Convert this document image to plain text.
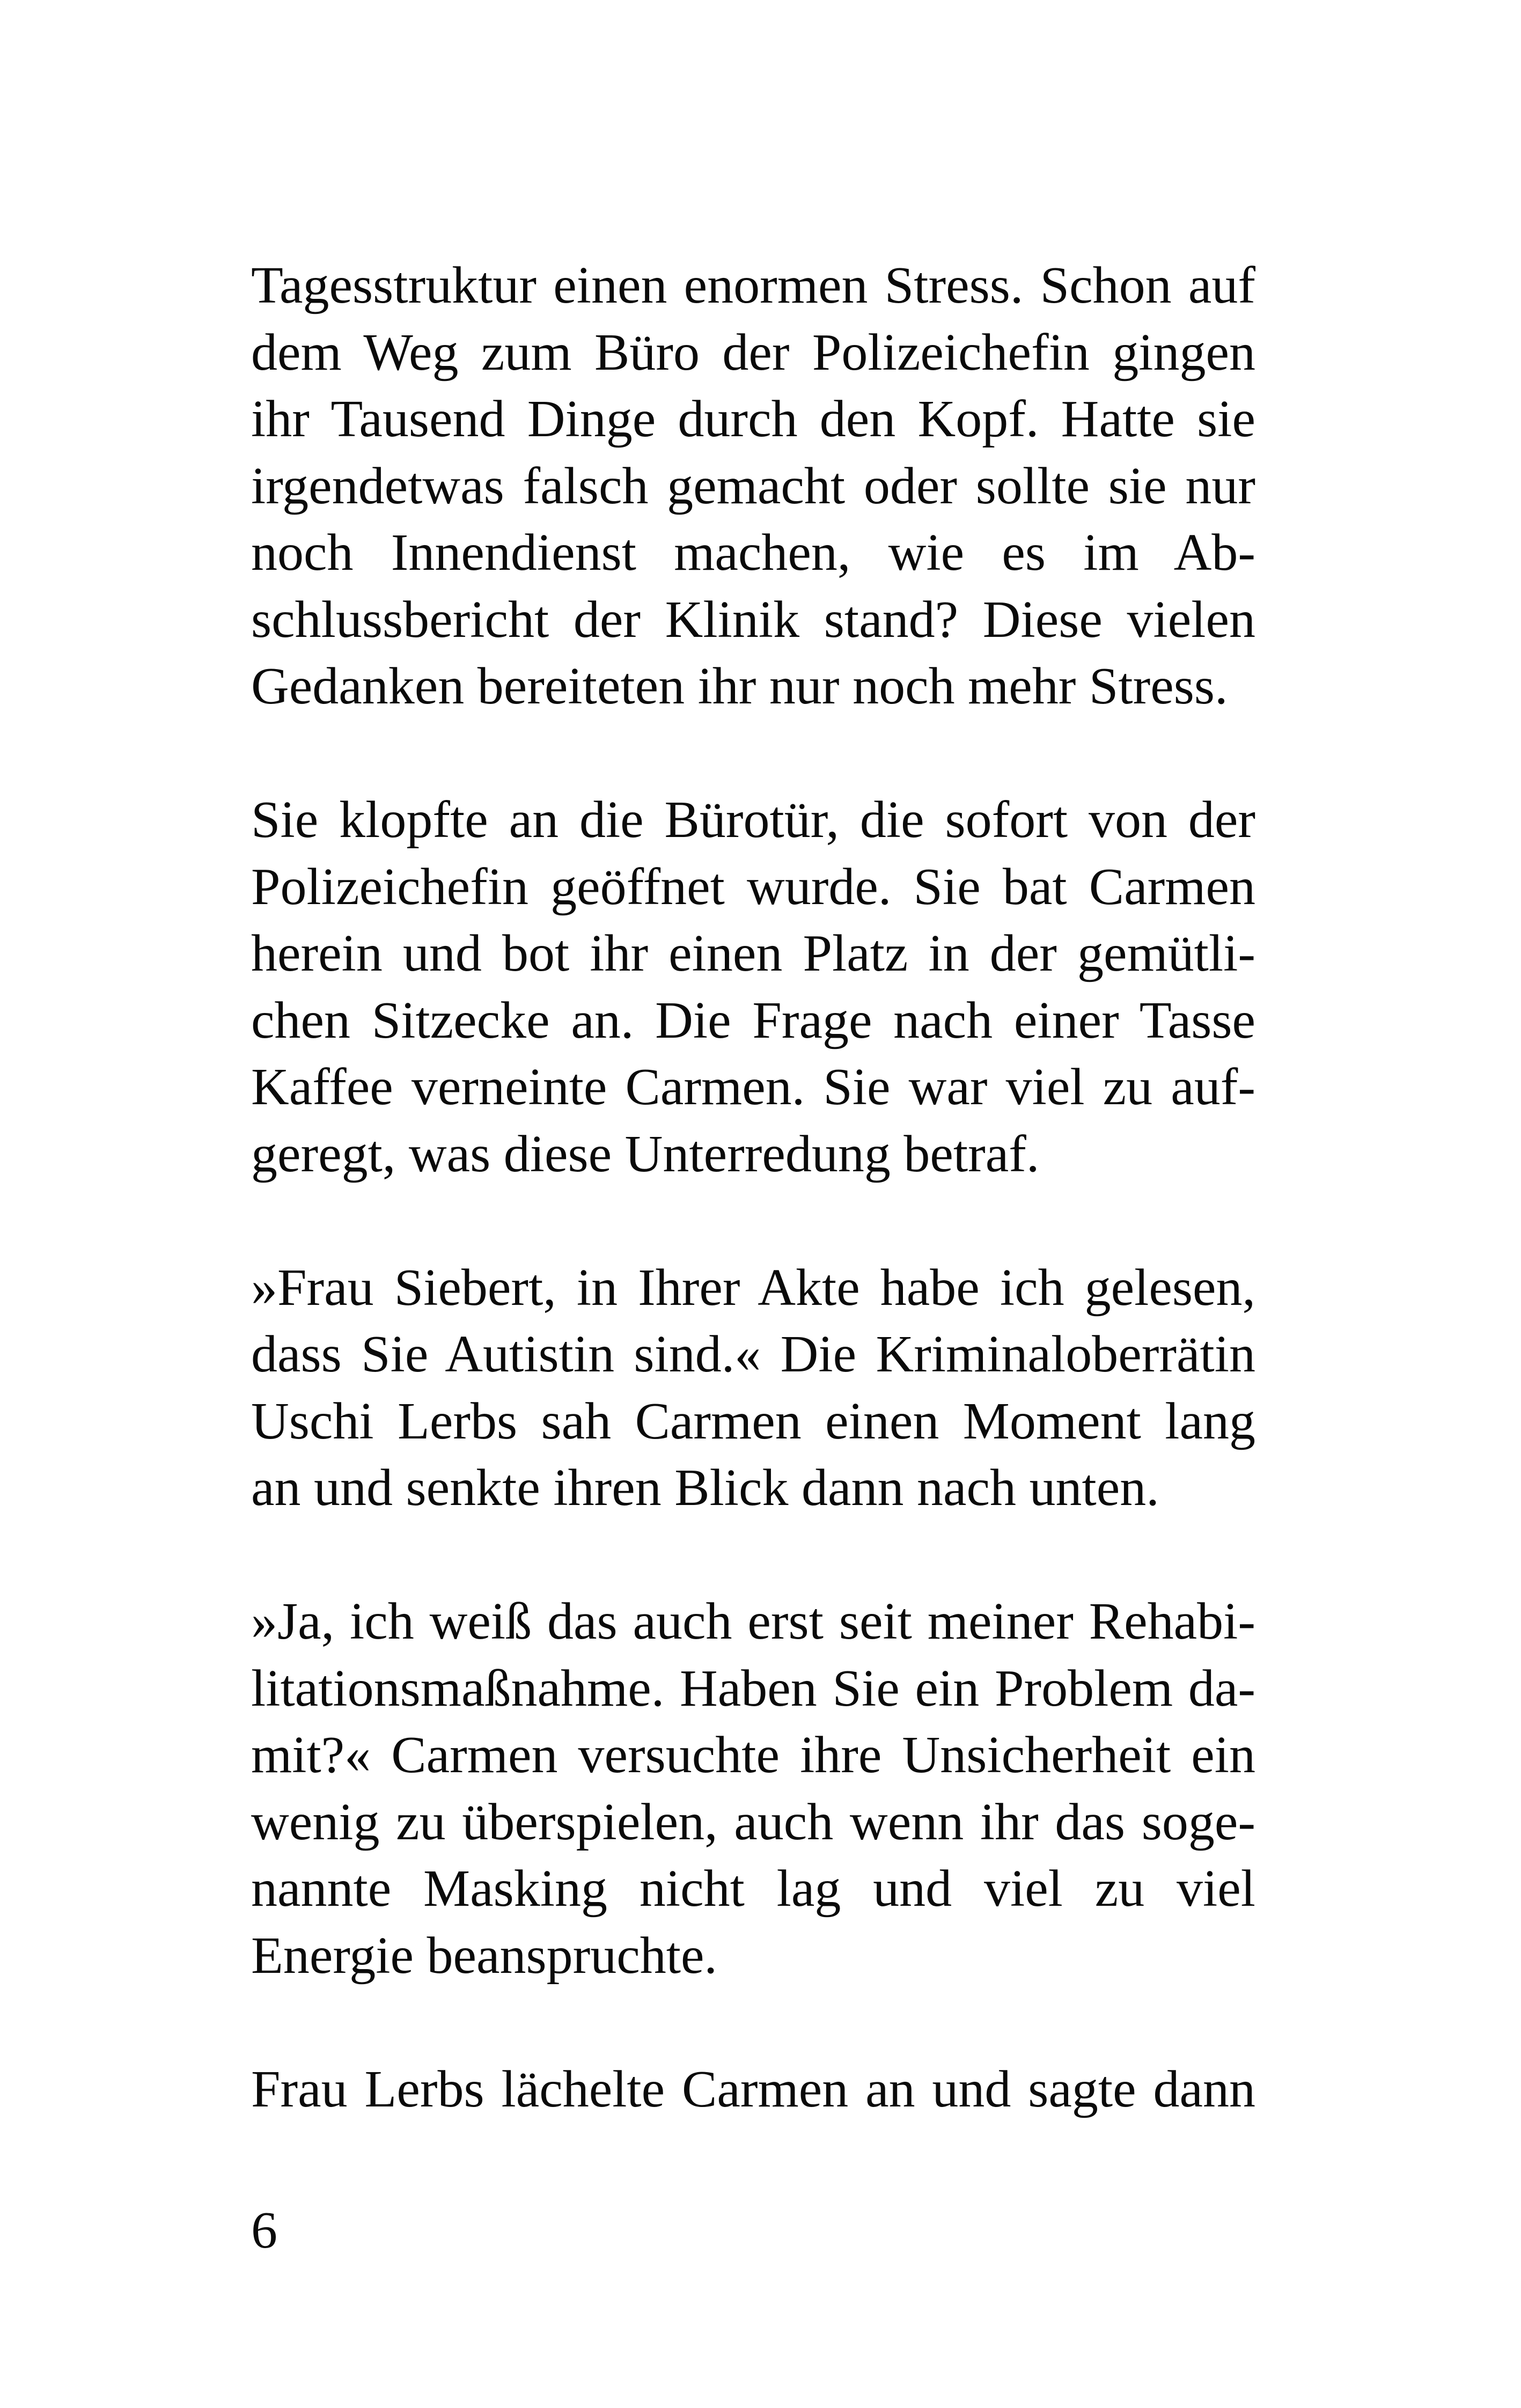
Tagesstruktur einen enormen Stress. Schon auf
dem Weg zum Büro der Polizeichefin gingen
ihr Tausend Dinge durch den Kopf. Hatte sie
irgendetwas falsch gemacht oder sollte sie nur
noch Innendienst machen, wie es im Ab-
schlussbericht der Klinik stand? Diese vielen
Gedanken bereiteten ihr nur noch mehr Stress.
Sie klopfte an die Bürotür, die sofort von der
Polizeichefin geöffnet wurde. Sie bat Carmen
herein und bot ihr einen Platz in der gemütli-
chen Sitzecke an. Die Frage nach einer Tasse
Kaffee verneinte Carmen. Sie war viel zu auf-
geregt, was diese Unterredung betraf.
»Frau Siebert, in Ihrer Akte habe ich gelesen,
dass Sie Autistin sind.« Die Kriminaloberrätin
Uschi Lerbs sah Carmen einen Moment lang
an und senkte ihren Blick dann nach unten.
»Ja, ich weiß das auch erst seit meiner Rehabi-
litationsmaßnahme. Haben Sie ein Problem da-
mit?« Carmen versuchte ihre Unsicherheit ein
wenig zu überspielen, auch wenn ihr das soge-
nannte Masking nicht lag und viel zu viel
Energie beanspruchte.
Frau Lerbs lächelte Carmen an und sagte dann
6
